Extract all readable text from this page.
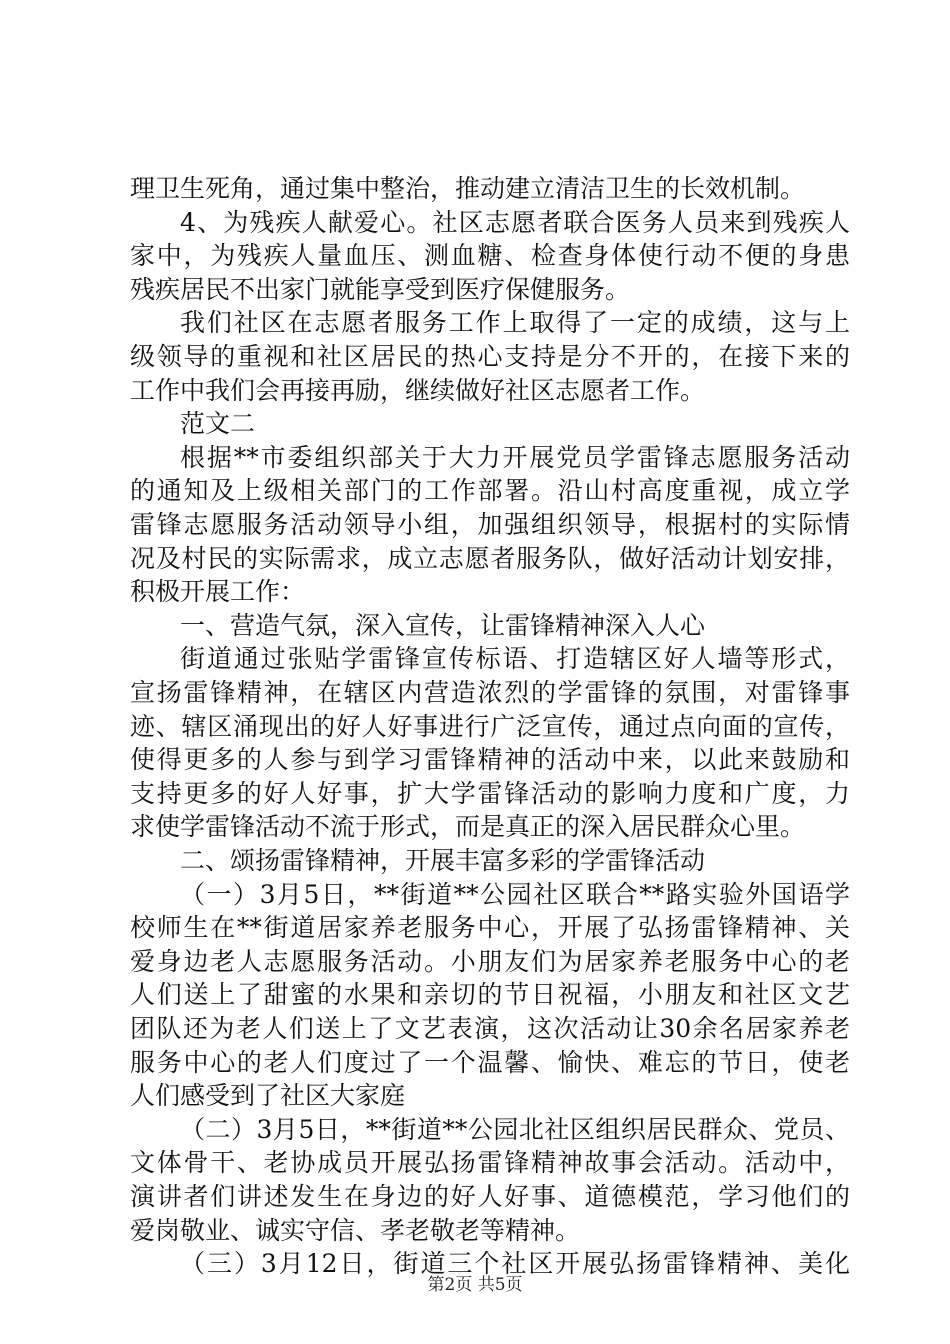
理卫生死角，通过集中整治，推动建立清洁卫生的长效机制。
4、为残疾人献爱心。社区志愿者联合医务人员来到残疾人
家中，为残疾人量血压、测血糖、检查身体使行动不便的身患
残疾居民不出家门就能享受到医疗保健服务。
我们社区在志愿者服务工作上取得了一定的成绩，这与上
级领导的重视和社区居民的热心支持是分不开的，在接下来的
工作中我们会再接再励，继续做好社区志愿者工作。
范文二
根据**市委组织部关于大力开展党员学雷锋志愿服务活动
的通知及上级相关部门的工作部署。沿山村高度重视，成立学
雷锋志愿服务活动领导小组，加强组织领导，根据村的实际情
况及村民的实际需求，成立志愿者服务队，做好活动计划安排，
积极开展工作：
一、营造气氛，深入宣传，让雷锋精神深入人心
街道通过张贴学雷锋宣传标语、打造辖区好人墙等形式，
宣扬雷锋精神，在辖区内营造浓烈的学雷锋的氛围，对雷锋事
迹、辖区涌现出的好人好事进行广泛宣传，通过点向面的宣传，
使得更多的人参与到学习雷锋精神的活动中来，以此来鼓励和
支持更多的好人好事，扩大学雷锋活动的影响力度和广度，力
求使学雷锋活动不流于形式，而是真正的深入居民群众心里。
二、颂扬雷锋精神，开展丰富多彩的学雷锋活动
（一）3月5日，**街道**公园社区联合**路实验外国语学
校师生在**街道居家养老服务中心，开展了弘扬雷锋精神、关
爱身边老人志愿服务活动。小朋友们为居家养老服务中心的老
人们送上了甜蜜的水果和亲切的节日祝福，小朋友和社区文艺
团队还为老人们送上了文艺表演，这次活动让30余名居家养老
服务中心的老人们度过了一个温馨、愉快、难忘的节日，使老
人们感受到了社区大家庭
（二）3月5日，**街道**公园北社区组织居民群众、党员、
文体骨干、老协成员开展弘扬雷锋精神故事会活动。活动中，
演讲者们讲述发生在身边的好人好事、道德模范，学习他们的
爱岗敬业、诚实守信、孝老敬老等精神。
（三）3月12日，街道三个社区开展弘扬雷锋精神、美化
第2页 共5页
